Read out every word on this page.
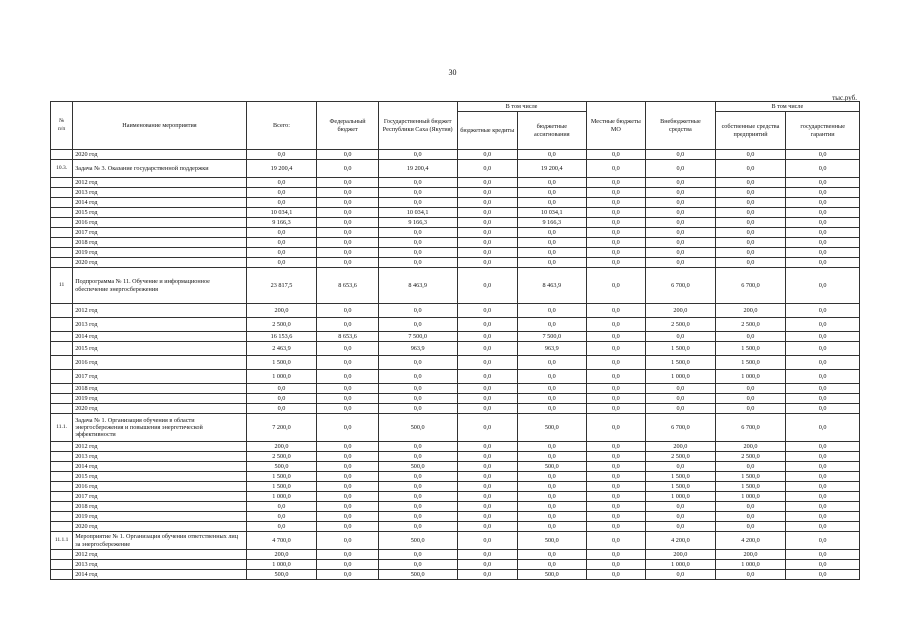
30
тыс.руб.
№
п/п	Наименование мероприятия	Всего:	Федеральный бюджет	Государственный бюджет Республики Саха (Якутия)	В том числе		Местные бюджеты МО	Внебюджетные средства	В том числе	
					бюджетные кредиты	бюджетные ассигнования			собственные средства предприятий	государственные гарантии
	2020 год	0,0	0,0	0,0	0,0	0,0	0,0	0,0	0,0	0,0
10.3.	Задача № 3. Оказание государственной поддержки	19 200,4	0,0	19 200,4	0,0	19 200,4	0,0	0,0	0,0	0,0
	2012 год	0,0	0,0	0,0	0,0	0,0	0,0	0,0	0,0	0,0
	2013 год	0,0	0,0	0,0	0,0	0,0	0,0	0,0	0,0	0,0
	2014 год	0,0	0,0	0,0	0,0	0,0	0,0	0,0	0,0	0,0
	2015 год	10 034,1	0,0	10 034,1	0,0	10 034,1	0,0	0,0	0,0	0,0
	2016 год	9 166,3	0,0	9 166,3	0,0	9 166,3	0,0	0,0	0,0	0,0
	2017 год	0,0	0,0	0,0	0,0	0,0	0,0	0,0	0,0	0,0
	2018 год	0,0	0,0	0,0	0,0	0,0	0,0	0,0	0,0	0,0
	2019 год	0,0	0,0	0,0	0,0	0,0	0,0	0,0	0,0	0,0
	2020 год	0,0	0,0	0,0	0,0	0,0	0,0	0,0	0,0	0,0
11	Подпрограмма № 11. Обучение и информационное обеспечение энергосбережения	23 817,5	8 653,6	8 463,9	0,0	8 463,9	0,0	6 700,0	6 700,0	0,0
	2012 год	200,0	0,0	0,0	0,0	0,0	0,0	200,0	200,0	0,0
	2013 год	2 500,0	0,0	0,0	0,0	0,0	0,0	2 500,0	2 500,0	0,0
	2014 год	16 153,6	8 653,6	7 500,0	0,0	7 500,0	0,0	0,0	0,0	0,0
	2015 год	2 463,9	0,0	963,9	0,0	963,9	0,0	1 500,0	1 500,0	0,0
	2016 год	1 500,0	0,0	0,0	0,0	0,0	0,0	1 500,0	1 500,0	0,0
	2017 год	1 000,0	0,0	0,0	0,0	0,0	0,0	1 000,0	1 000,0	0,0
	2018 год	0,0	0,0	0,0	0,0	0,0	0,0	0,0	0,0	0,0
	2019 год	0,0	0,0	0,0	0,0	0,0	0,0	0,0	0,0	0,0
	2020 год	0,0	0,0	0,0	0,0	0,0	0,0	0,0	0,0	0,0
11.1.	Задача № 1. Организация обучения в области энергосбережения и повышения энергетической эффективности	7 200,0	0,0	500,0	0,0	500,0	0,0	6 700,0	6 700,0	0,0
	2012 год	200,0	0,0	0,0	0,0	0,0	0,0	200,0	200,0	0,0
	2013 год	2 500,0	0,0	0,0	0,0	0,0	0,0	2 500,0	2 500,0	0,0
	2014 год	500,0	0,0	500,0	0,0	500,0	0,0	0,0	0,0	0,0
	2015 год	1 500,0	0,0	0,0	0,0	0,0	0,0	1 500,0	1 500,0	0,0
	2016 год	1 500,0	0,0	0,0	0,0	0,0	0,0	1 500,0	1 500,0	0,0
	2017 год	1 000,0	0,0	0,0	0,0	0,0	0,0	1 000,0	1 000,0	0,0
	2018 год	0,0	0,0	0,0	0,0	0,0	0,0	0,0	0,0	0,0
	2019 год	0,0	0,0	0,0	0,0	0,0	0,0	0,0	0,0	0,0
	2020 год	0,0	0,0	0,0	0,0	0,0	0,0	0,0	0,0	0,0
11.1.1	Мероприятие № 1. Организация обучения ответственных лиц за энергосбережение	4 700,0	0,0	500,0	0,0	500,0	0,0	4 200,0	4 200,0	0,0
	2012 год	200,0	0,0	0,0	0,0	0,0	0,0	200,0	200,0	0,0
	2013 год	1 000,0	0,0	0,0	0,0	0,0	0,0	1 000,0	1 000,0	0,0
	2014 год	500,0	0,0	500,0	0,0	500,0	0,0	0,0	0,0	0,0
